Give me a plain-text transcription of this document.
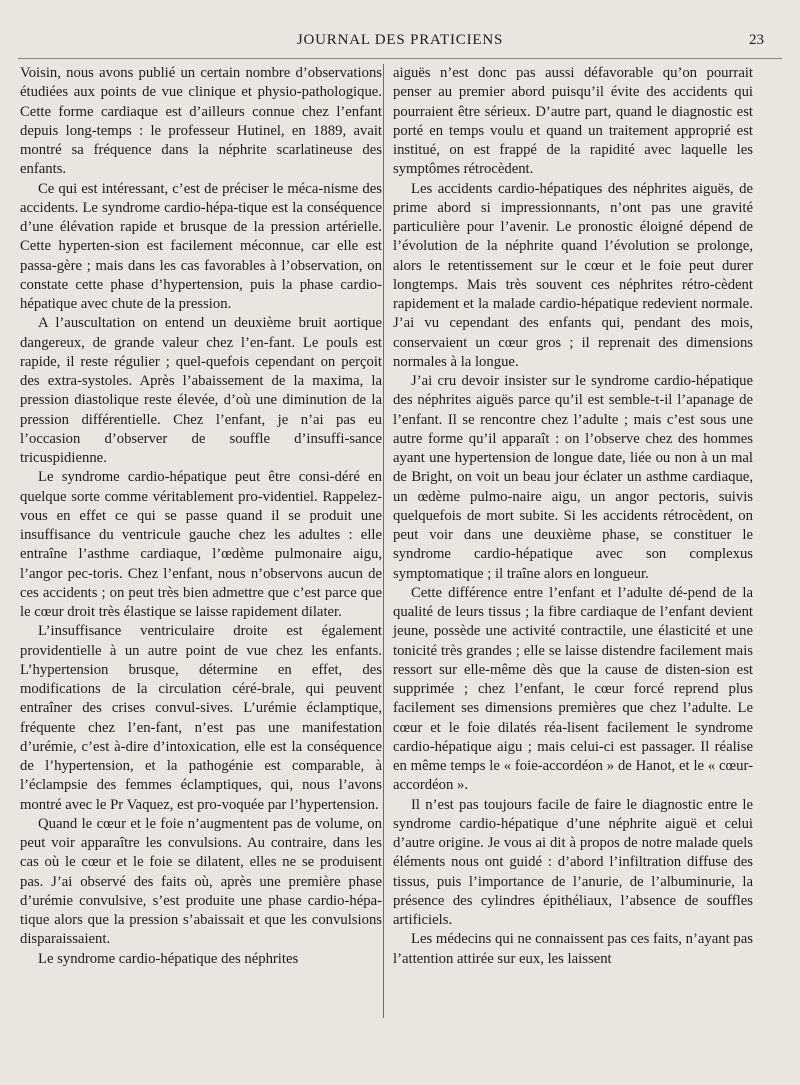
JOURNAL DES PRATICIENS	23

Voisin, nous avons publié un certain nombre d’observations étudiées aux points de vue clinique et physio-pathologique. Cette forme cardiaque est d’ailleurs connue chez l’enfant depuis long-temps : le professeur Hutinel, en 1889, avait montré sa fréquence dans la néphrite scarlatineuse des enfants.

Ce qui est intéressant, c’est de préciser le méca-nisme des accidents. Le syndrome cardio-hépa-tique est la conséquence d’une élévation rapide et brusque de la pression artérielle. Cette hyperten-sion est facilement méconnue, car elle est passa-gère ; mais dans les cas favorables à l’observation, on constate cette phase d’hypertension, puis la phase cardio-hépatique avec chute de la pression.

A l’auscultation on entend un deuxième bruit aortique dangereux, de grande valeur chez l’en-fant. Le pouls est rapide, il reste régulier ; quel-quefois cependant on perçoit des extra-systoles. Après l’abaissement de la maxima, la pression diastolique reste élevée, d’où une diminution de la pression différentielle. Chez l’enfant, je n’ai pas eu l’occasion d’observer de souffle d’insuffi-sance tricuspidienne.

Le syndrome cardio-hépatique peut être consi-déré en quelque sorte comme véritablement pro-videntiel. Rappelez-vous en effet ce qui se passe quand il se produit une insuffisance du ventricule gauche chez les adultes : elle entraîne l’asthme cardiaque, l’œdème pulmonaire aigu, l’angor pec-toris. Chez l’enfant, nous n’observons aucun de ces accidents ; on peut très bien admettre que c’est parce que le cœur droit très élastique se laisse rapidement dilater.

L’insuffisance ventriculaire droite est également providentielle à un autre point de vue chez les enfants. L’hypertension brusque, détermine en effet, des modifications de la circulation céré-brale, qui peuvent entraîner des crises convul-sives. L’urémie éclamptique, fréquente chez l’en-fant, n’est pas une manifestation d’urémie, c’est à-dire d’intoxication, elle est la conséquence de l’hypertension, et la pathogénie est comparable, à l’éclampsie des femmes éclamptiques, qui, nous l’avons montré avec le Pr Vaquez, est pro-voquée par l’hypertension.

Quand le cœur et le foie n’augmentent pas de volume, on peut voir apparaître les convulsions. Au contraire, dans les cas où le cœur et le foie se dilatent, elles ne se produisent pas. J’ai observé des faits où, après une première phase d’urémie convulsive, s’est produite une phase cardio-hépa-tique alors que la pression s’abaissait et que les convulsions disparaissaient.

Le syndrome cardio-hépatique des néphrites

aiguës n’est donc pas aussi défavorable qu’on pourrait penser au premier abord puisqu’il évite des accidents qui pourraient être sérieux. D’autre part, quand le diagnostic est porté en temps voulu et quand un traitement approprié est institué, on est frappé de la rapidité avec laquelle les symptômes rétrocèdent.

Les accidents cardio-hépatiques des néphrites aiguës, de prime abord si impressionnants, n’ont pas une gravité particulière pour l’avenir. Le pronostic éloigné dépend de l’évolution de la néphrite quand l’évolution se prolonge, alors le retentissement sur le cœur et le foie peut durer longtemps. Mais très souvent ces néphrites rétro-cèdent rapidement et la malade cardio-hépatique redevient normale. J’ai vu cependant des enfants qui, pendant des mois, conservaient un cœur gros ; il reprenait des dimensions normales à la longue.

J’ai cru devoir insister sur le syndrome cardio-hépatique des néphrites aiguës parce qu’il est semble-t-il l’apanage de l’enfant. Il se rencontre chez l’adulte ; mais c’est sous une autre forme qu’il apparaît : on l’observe chez des hommes ayant une hypertension de longue date, liée ou non à un mal de Bright, on voit un beau jour éclater un asthme cardiaque, un œdème pulmo-naire aigu, un angor pectoris, suivis quelquefois de mort subite. Si les accidents rétrocèdent, on peut voir dans une deuxième phase, se constituer le syndrome cardio-hépatique avec son complexus symptomatique ; il traîne alors en longueur.

Cette différence entre l’enfant et l’adulte dé-pend de la qualité de leurs tissus ; la fibre cardiaque de l’enfant devient jeune, possède une activité contractile, une élasticité et une tonicité très grandes ; elle se laisse distendre facilement mais ressort sur elle-même dès que la cause de disten-sion est supprimée ; chez l’enfant, le cœur forcé reprend plus facilement ses dimensions premières que chez l’adulte. Le cœur et le foie dilatés réa-lisent facilement le syndrome cardio-hépatique aigu ; mais celui-ci est passager. Il réalise en même temps le « foie-accordéon » de Hanot, et le « cœur-accordéon ».

Il n’est pas toujours facile de faire le diagnostic entre le syndrome cardio-hépatique d’une néphrite aiguë et celui d’autre origine. Je vous ai dit à propos de notre malade quels éléments nous ont guidé : d’abord l’infiltration diffuse des tissus, puis l’importance de l’anurie, de l’albuminurie, la présence des cylindres épithéliaux, l’absence de souffles artificiels.

Les médecins qui ne connaissent pas ces faits, n’ayant pas l’attention attirée sur eux, les laissent
